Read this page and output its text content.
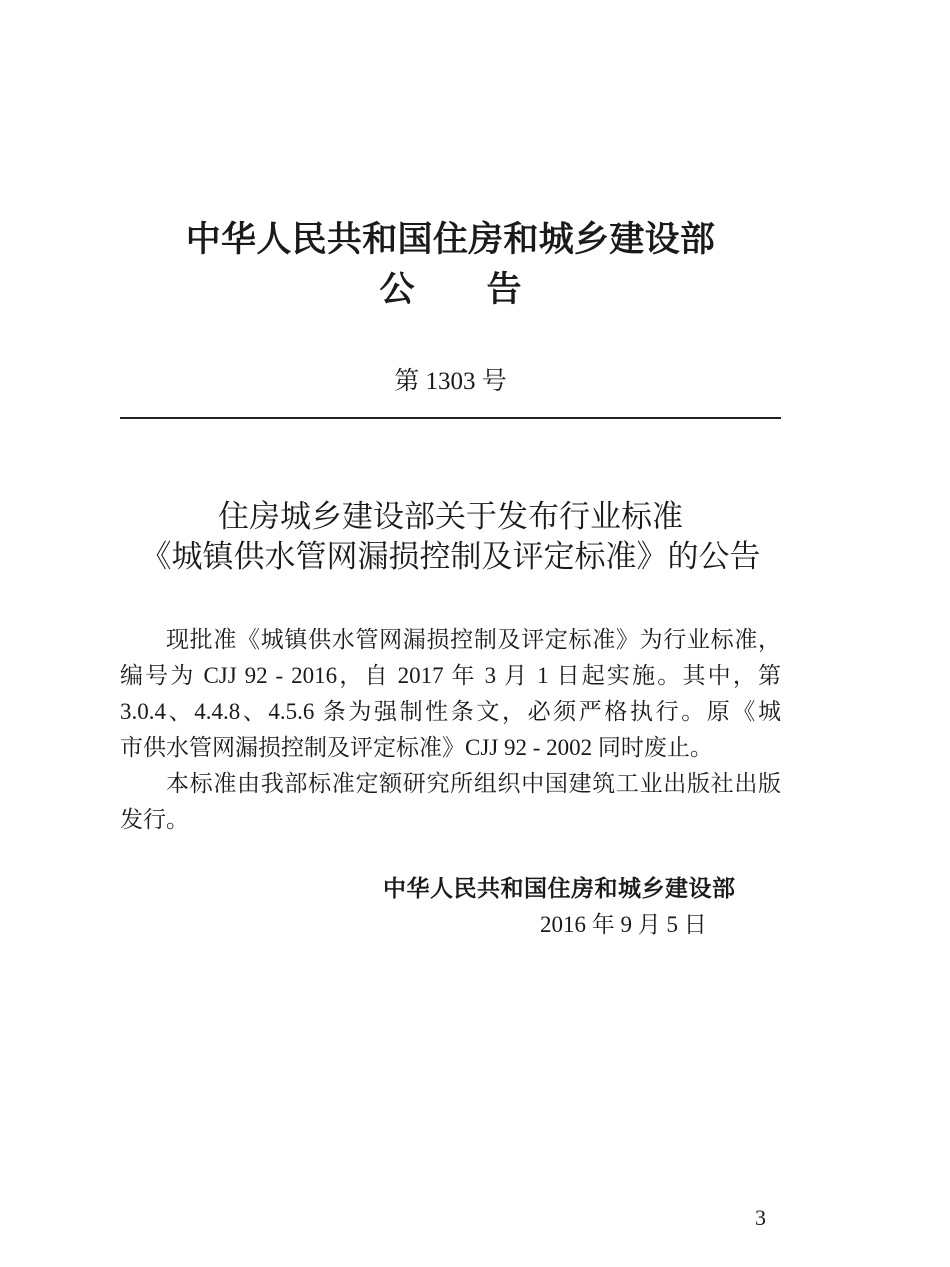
中华人民共和国住房和城乡建设部
公告
第 1303 号
住房城乡建设部关于发布行业标准
《城镇供水管网漏损控制及评定标准》的公告
现批准《城镇供水管网漏损控制及评定标准》为行业标准，
编号为 CJJ 92 - 2016，自 2017 年 3 月 1 日起实施。其中，第
3.0.4、4.4.8、4.5.6 条为强制性条文，必须严格执行。原《城
市供水管网漏损控制及评定标准》CJJ 92 - 2002 同时废止。
本标准由我部标准定额研究所组织中国建筑工业出版社出版
发行。
中华人民共和国住房和城乡建设部
2016 年 9 月 5 日
3
